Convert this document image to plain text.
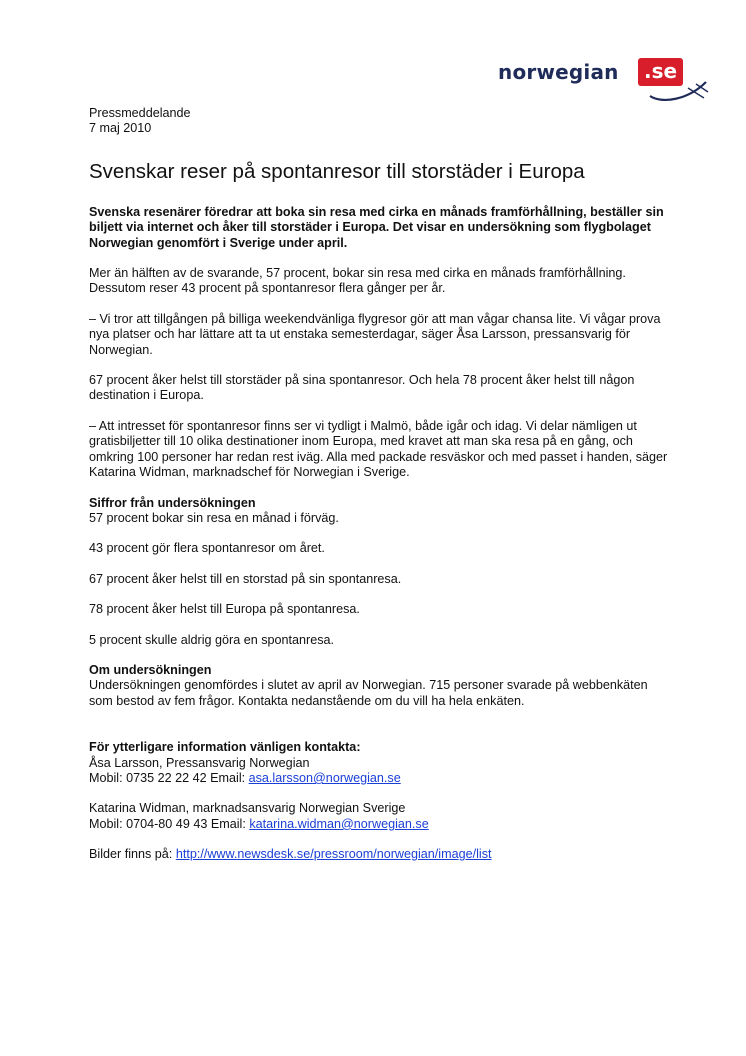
norwegian	.se
Pressmeddelande
7 maj 2010
Svenskar reser på spontanresor till storstäder i Europa
Svenska resenärer föredrar att boka sin resa med cirka en månads framförhållning, beställer sin biljett via internet och åker till storstäder i Europa. Det visar en undersökning som flygbolaget Norwegian genomfört i Sverige under april.

Mer än hälften av de svarande, 57 procent, bokar sin resa med cirka en månads framförhållning. Dessutom reser 43 procent på spontanresor flera gånger per år.

– Vi tror att tillgången på billiga weekendvänliga flygresor gör att man vågar chansa lite. Vi vågar prova nya platser och har lättare att ta ut enstaka semesterdagar, säger Åsa Larsson, pressansvarig för Norwegian.

67 procent åker helst till storstäder på sina spontanresor. Och hela 78 procent åker helst till någon destination i Europa.

– Att intresset för spontanresor finns ser vi tydligt i Malmö, både igår och idag. Vi delar nämligen ut gratisbiljetter till 10 olika destinationer inom Europa, med kravet att man ska resa på en gång, och omkring 100 personer har redan rest iväg. Alla med packade resväskor och med passet i handen, säger Katarina Widman, marknadschef för Norwegian i Sverige.

Siffror från undersökningen
57 procent bokar sin resa en månad i förväg.
43 procent gör flera spontanresor om året.
67 procent åker helst till en storstad på sin spontanresa.
78 procent åker helst till Europa på spontanresa.
5 procent skulle aldrig göra en spontanresa.
Om undersökningen
Undersökningen genomfördes i slutet av april av Norwegian. 715 personer svarade på webbenkäten som bestod av fem frågor. Kontakta nedanstående om du vill ha hela enkäten.
För ytterligare information vänligen kontakta:
Åsa Larsson, Pressansvarig Norwegian
Mobil: 0735 22 22 42 Email: asa.larsson@norwegian.se
Katarina Widman, marknadsansvarig Norwegian Sverige
Mobil: 0704-80 49 43 Email: katarina.widman@norwegian.se
Bilder finns på: http://www.newsdesk.se/pressroom/norwegian/image/list
